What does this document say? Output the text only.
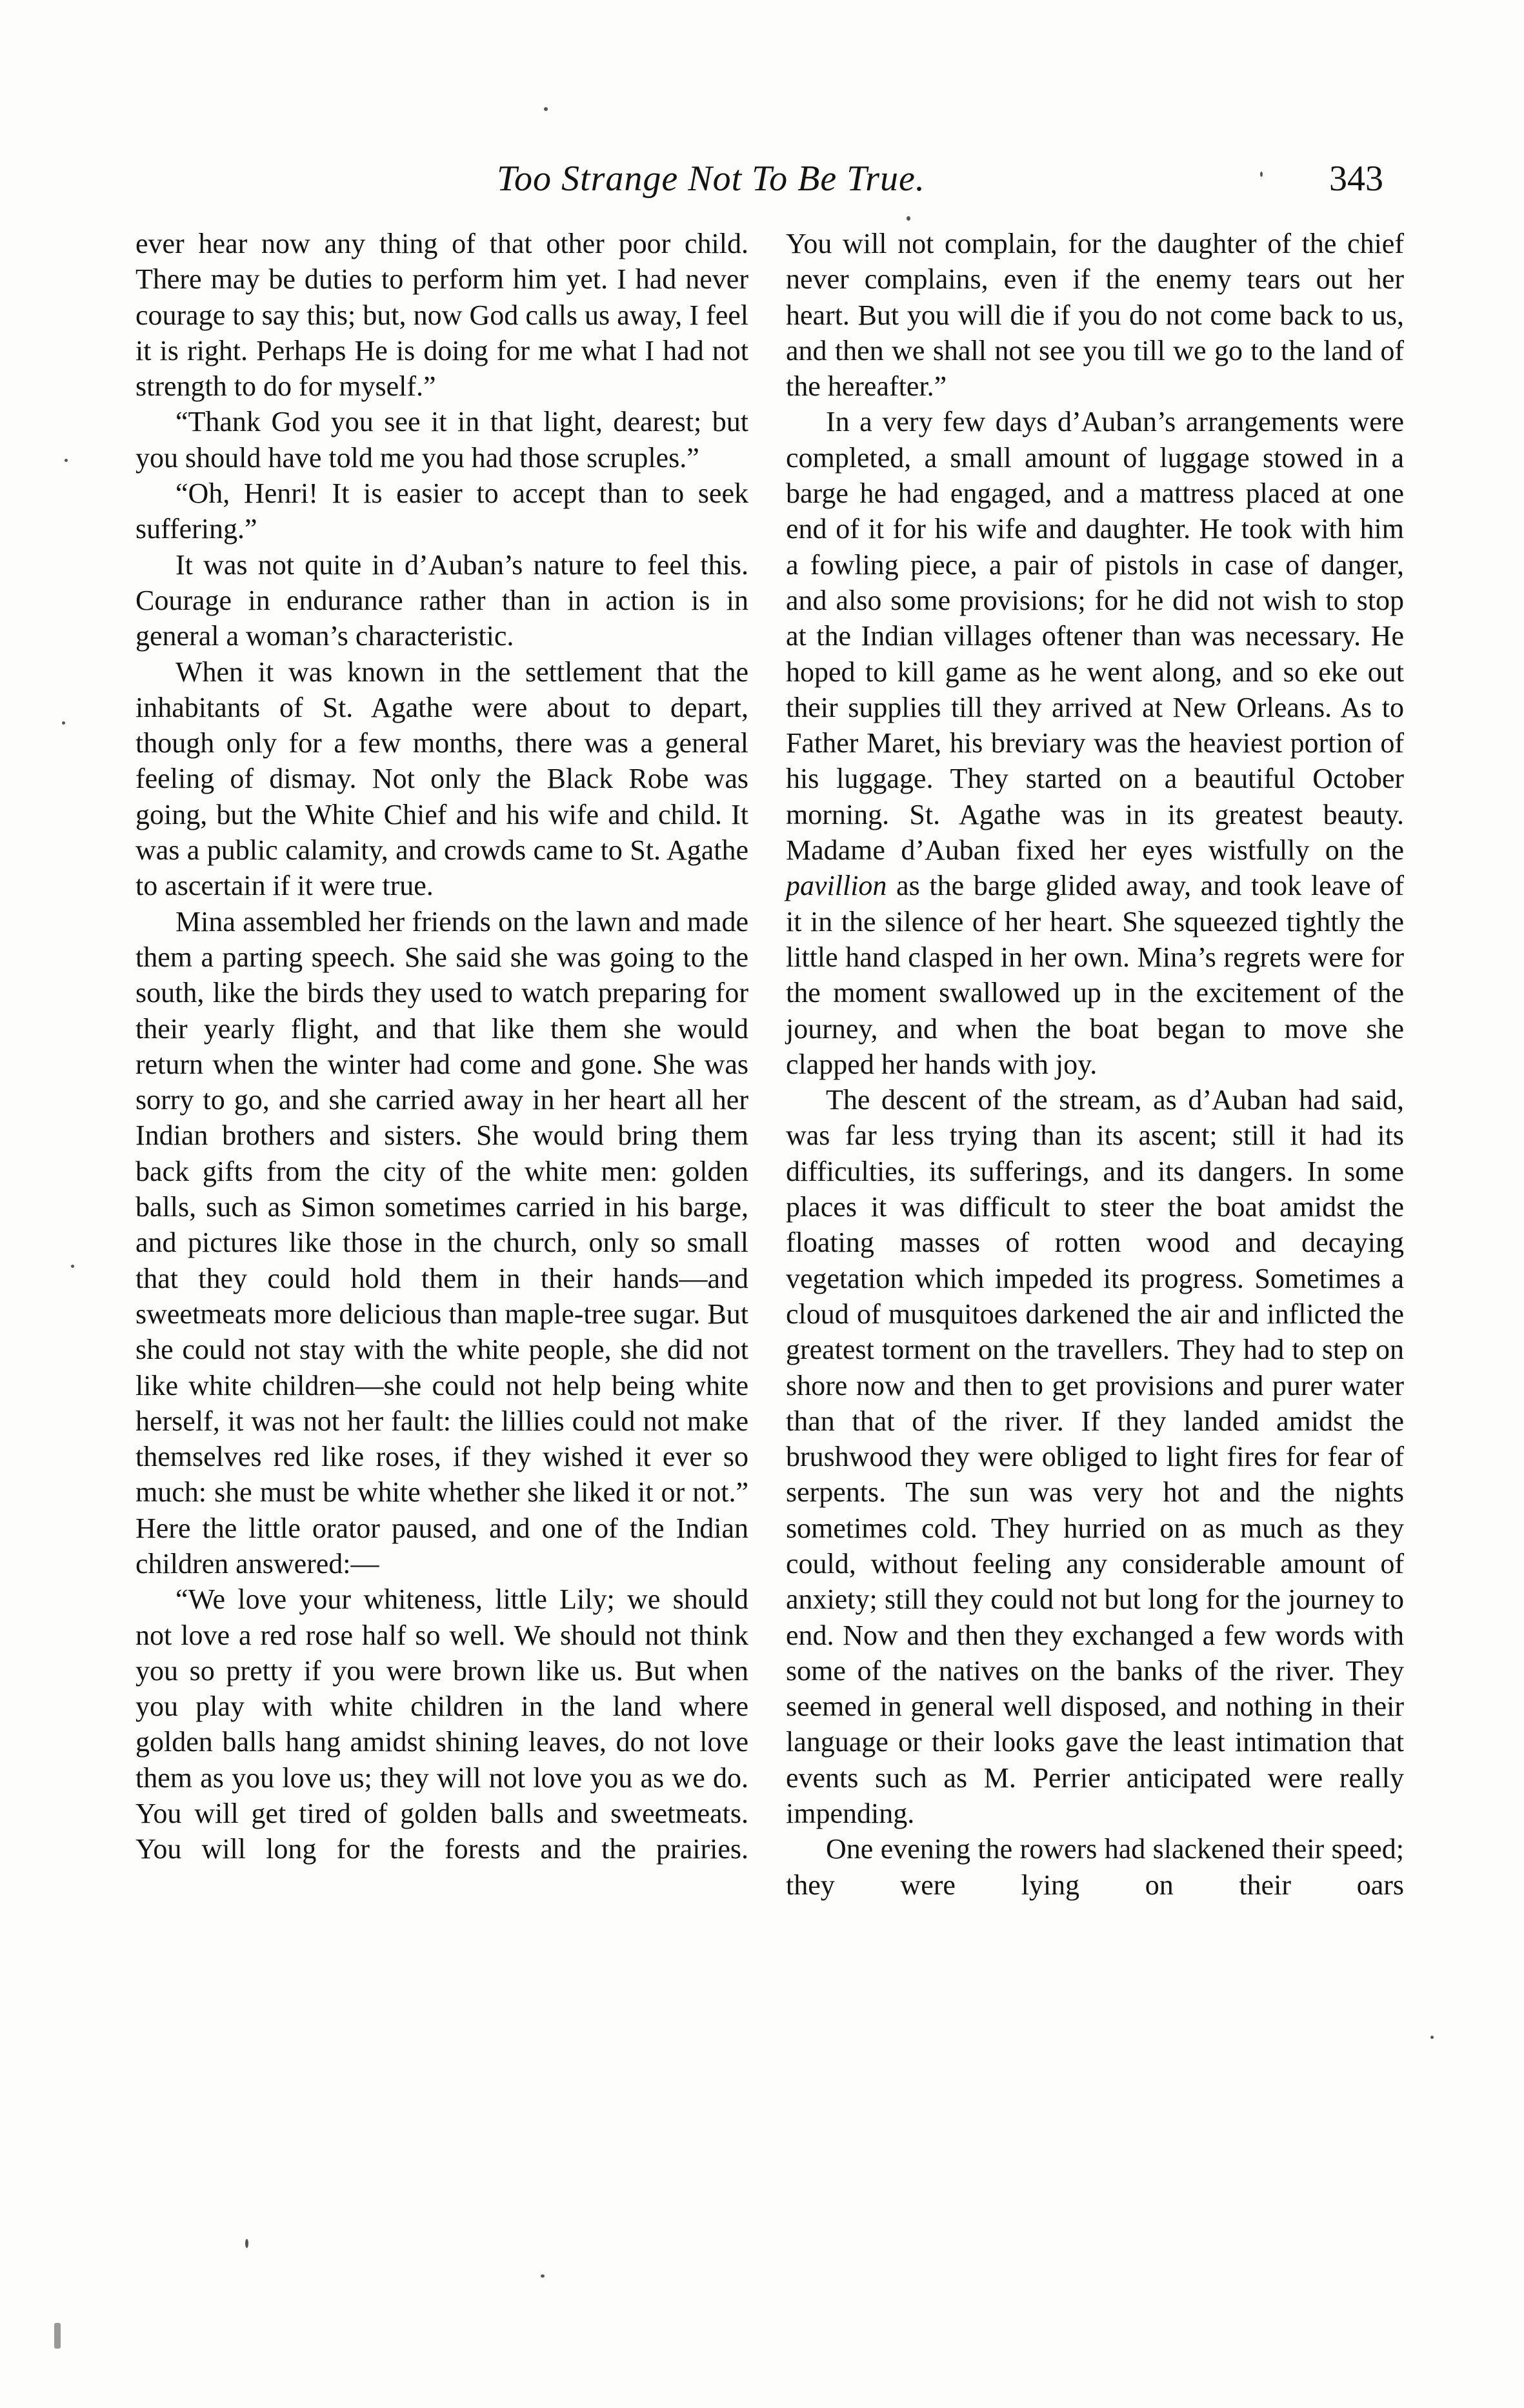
Too Strange Not To Be True.	343

ever hear now any thing of that other poor child. There may be duties to perform him yet. I had never courage to say this; but, now God calls us away, I feel it is right. Perhaps He is doing for me what I had not strength to do for myself.”

“Thank God you see it in that light, dearest; but you should have told me you had those scruples.”

“Oh, Henri! It is easier to accept than to seek suffering.”

It was not quite in d’Auban’s nature to feel this. Courage in endurance rather than in action is in general a woman’s characteristic.

When it was known in the settlement that the inhabitants of St. Agathe were about to depart, though only for a few months, there was a general feeling of dismay. Not only the Black Robe was going, but the White Chief and his wife and child. It was a public calamity, and crowds came to St. Agathe to ascertain if it were true.

Mina assembled her friends on the lawn and made them a parting speech. She said she was going to the south, like the birds they used to watch preparing for their yearly flight, and that like them she would return when the winter had come and gone. She was sorry to go, and she carried away in her heart all her Indian brothers and sisters. She would bring them back gifts from the city of the white men: golden balls, such as Simon sometimes carried in his barge, and pictures like those in the church, only so small that they could hold them in their hands—and sweetmeats more delicious than maple-tree sugar. But she could not stay with the white people, she did not like white children—she could not help being white herself, it was not her fault: the lillies could not make themselves red like roses, if they wished it ever so much: she must be white whether she liked it or not.” Here the little orator paused, and one of the Indian children answered:—

“We love your whiteness, little Lily; we should not love a red rose half so well. We should not think you so pretty if you were brown like us. But when you play with white children in the land where golden balls hang amidst shining leaves, do not love them as you love us; they will not love you as we do. You will get tired of golden balls and sweetmeats. You will long for the forests and the prairies.

You will not complain, for the daughter of the chief never complains, even if the enemy tears out her heart. But you will die if you do not come back to us, and then we shall not see you till we go to the land of the hereafter.”

In a very few days d’Auban’s arrangements were completed, a small amount of luggage stowed in a barge he had engaged, and a mattress placed at one end of it for his wife and daughter. He took with him a fowling piece, a pair of pistols in case of danger, and also some provisions; for he did not wish to stop at the Indian villages oftener than was necessary. He hoped to kill game as he went along, and so eke out their supplies till they arrived at New Orleans. As to Father Maret, his breviary was the heaviest portion of his luggage. They started on a beautiful October morning. St. Agathe was in its greatest beauty. Madame d’Auban fixed her eyes wistfully on the pavillion as the barge glided away, and took leave of it in the silence of her heart. She squeezed tightly the little hand clasped in her own. Mina’s regrets were for the moment swallowed up in the excitement of the journey, and when the boat began to move she clapped her hands with joy.

The descent of the stream, as d’Auban had said, was far less trying than its ascent; still it had its difficulties, its sufferings, and its dangers. In some places it was difficult to steer the boat amidst the floating masses of rotten wood and decaying vegetation which impeded its progress. Sometimes a cloud of musquitoes darkened the air and inflicted the greatest torment on the travellers. They had to step on shore now and then to get provisions and purer water than that of the river. If they landed amidst the brushwood they were obliged to light fires for fear of serpents. The sun was very hot and the nights sometimes cold. They hurried on as much as they could, without feeling any considerable amount of anxiety; still they could not but long for the journey to end. Now and then they exchanged a few words with some of the natives on the banks of the river. They seemed in general well disposed, and nothing in their language or their looks gave the least intimation that events such as M. Perrier anticipated were really impending.

One evening the rowers had slackened their speed; they were lying on their oars
